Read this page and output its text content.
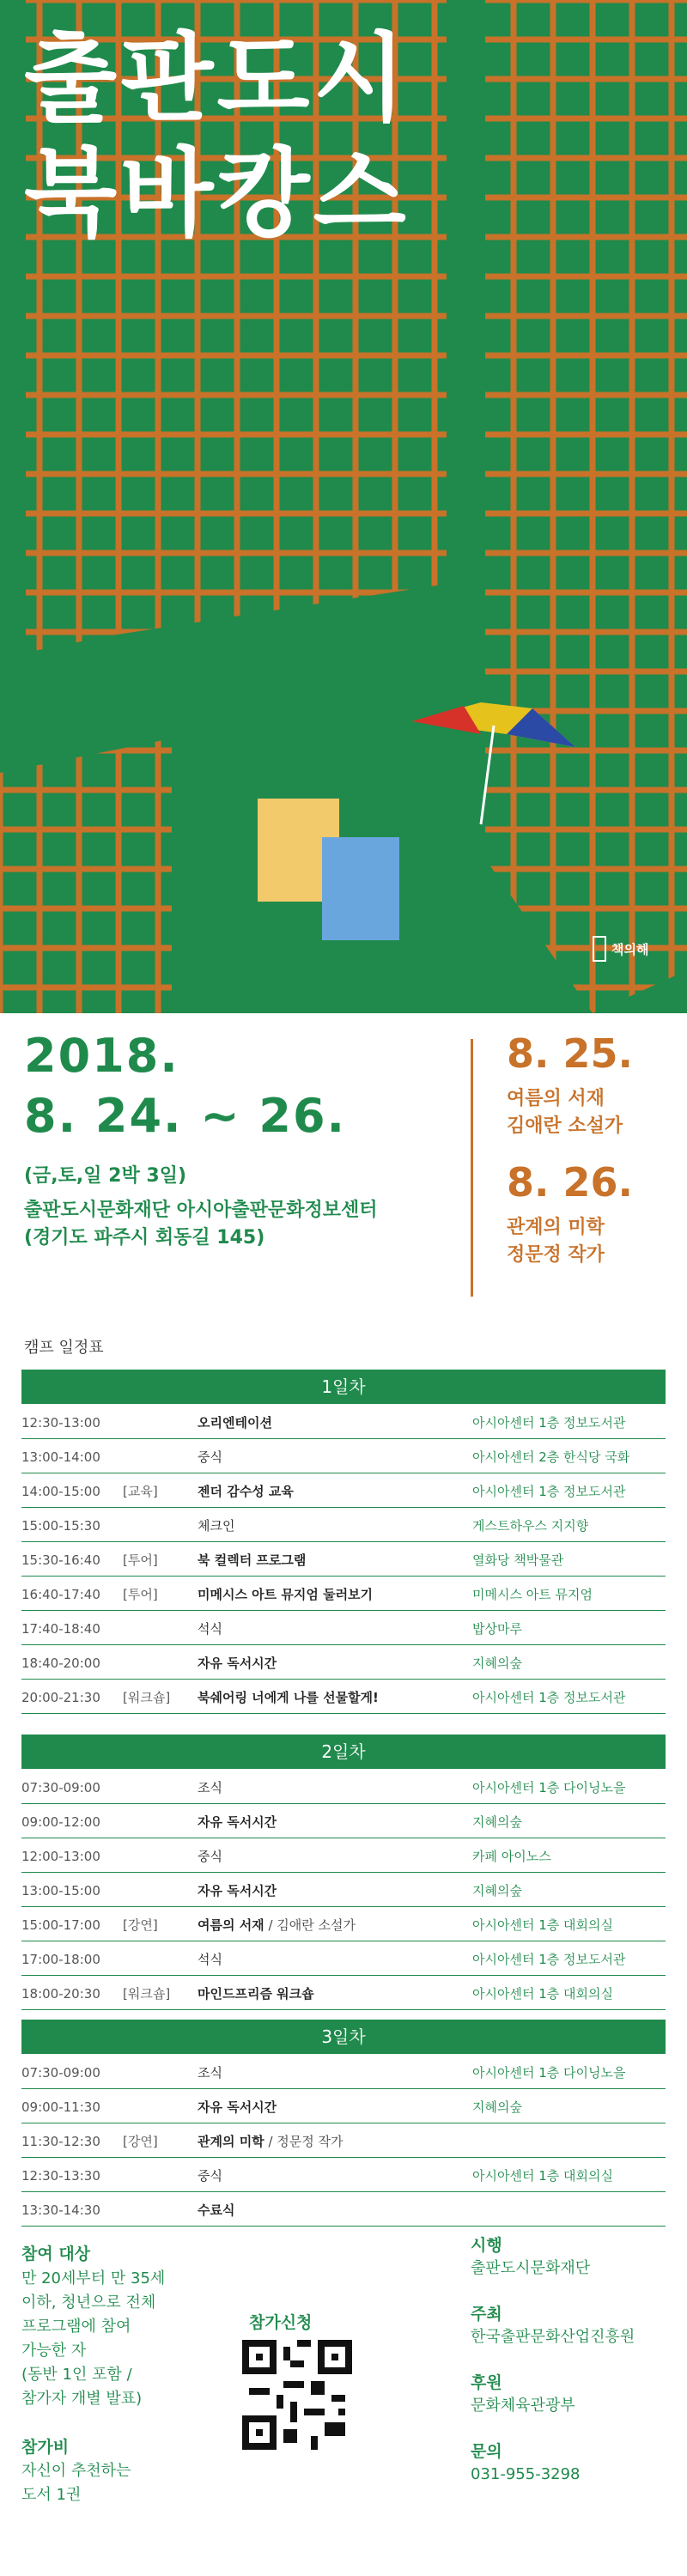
출판도시
북바캉스
책의해
2018.
8. 24. ~ 26.
(금,토,일 2박 3일)
출판도시문화재단 아시아출판문화정보센터
(경기도 파주시 회동길 145)
8. 25.
여름의 서재
김애란 소설가
8. 26.
관계의 미학
정문정 작가
캠프 일정표
1일차
12:30-13:00	오리엔테이션	아시아센터 1층 정보도서관
13:00-14:00	중식	아시아센터 2층 한식당 국화
14:00-15:00 [교육]	젠더 감수성 교육	아시아센터 1층 정보도서관
15:00-15:30	체크인	게스트하우스 지지향
15:30-16:40 [투어]	북 컬렉터 프로그램	열화당 책박물관
16:40-17:40 [투어]	미메시스 아트 뮤지엄 둘러보기	미메시스 아트 뮤지엄
17:40-18:40	석식	밥상마루
18:40-20:00	자유 독서시간	지혜의숲
20:00-21:30 [워크숍] 북쉐어링 너에게 나를 선물할게!	아시아센터 1층 정보도서관
2일차
07:30-09:00	조식	아시아센터 1층 다이닝노을
09:00-12:00	자유 독서시간	지혜의숲
12:00-13:00	중식	카페 아이노스
13:00-15:00	자유 독서시간	지혜의숲
15:00-17:00 [강연]	여름의 서재 / 김애란 소설가	아시아센터 1층 대회의실
17:00-18:00	석식	아시아센터 1층 정보도서관
18:00-20:30 [워크숍] 마인드프리즘 워크숍	아시아센터 1층 대회의실
3일차
07:30-09:00	조식	아시아센터 1층 다이닝노을
09:00-11:30	자유 독서시간	지혜의숲
11:30-12:30 [강연]	관계의 미학 / 정문정 작가
12:30-13:30	중식	아시아센터 1층 대회의실
13:30-14:30	수료식
참여 대상
만 20세부터 만 35세
이하, 청년으로 전체
프로그램에 참여
가능한 자
(동반 1인 포함 /
참가자 개별 발표)
참가비
자신이 추천하는
도서 1권
참가신청
시행
출판도시문화재단
주최
한국출판문화산업진흥원
후원
문화체육관광부
문의
031-955-3298
